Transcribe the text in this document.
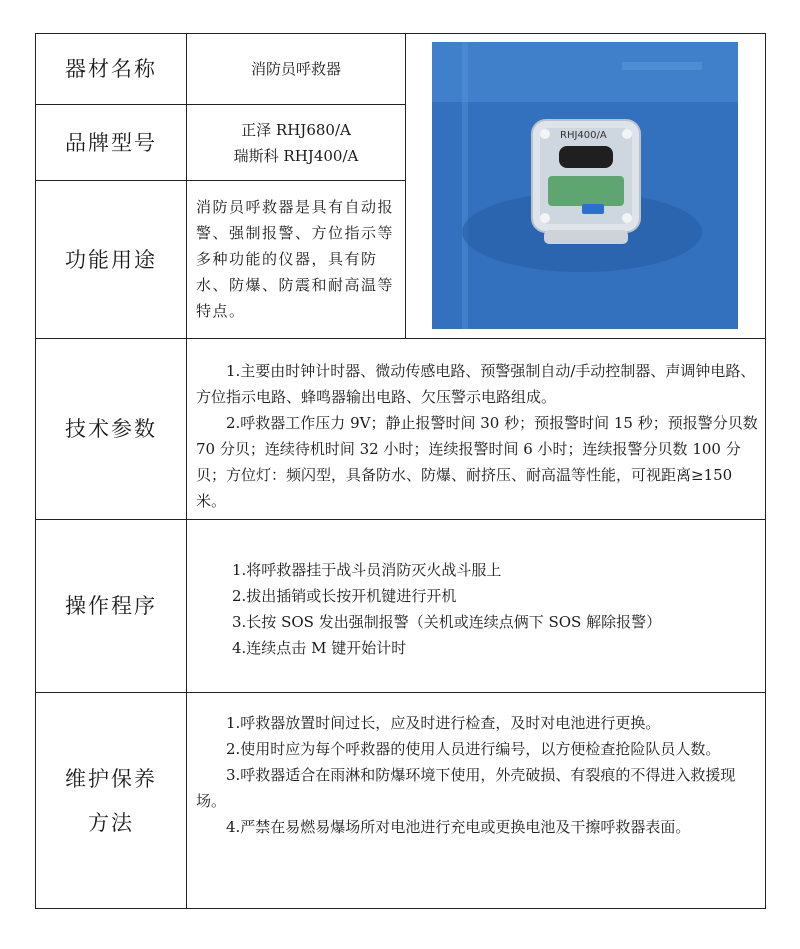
器材名称	消防员呼救器
品牌型号
正泽 RHJ680/A
瑞斯科 RHJ400/A
功能用途
消防员呼救器是具有自动报警、强制报警、方位指示等多种功能的仪器，具有防水、防爆、防震和耐高温等特点。
RHJ400/A
技术参数

1.主要由时钟计时器、微动传感电路、预警强制自动/手动控制器、声调钟电路、方位指示电路、蜂鸣器输出电路、欠压警示电路组成。

2.呼救器工作压力 9V；静止报警时间 30 秒；预报警时间 15 秒；预报警分贝数 70 分贝；连续待机时间 32 小时；连续报警时间 6 小时；连续报警分贝数 100 分贝；方位灯：频闪型，具备防水、防爆、耐挤压、耐高温等性能，可视距离≥150 米。

操作程序

1.将呼救器挂于战斗员消防灭火战斗服上

2.拔出插销或长按开机键进行开机

3.长按 SOS 发出强制报警（关机或连续点俩下 SOS 解除报警）

4.连续点击 M 键开始计时

维护保养
方法

1.呼救器放置时间过长，应及时进行检查，及时对电池进行更换。

2.使用时应为每个呼救器的使用人员进行编号，以方便检查抢险队员人数。

3.呼救器适合在雨淋和防爆环境下使用，外壳破损、有裂痕的不得进入救援现场。

4.严禁在易燃易爆场所对电池进行充电或更换电池及干擦呼救器表面。
